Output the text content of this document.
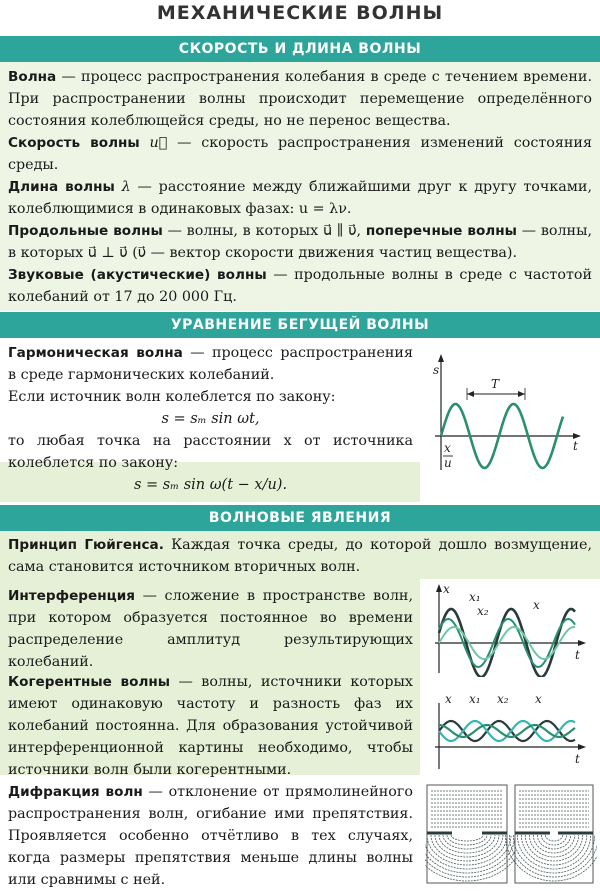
МЕХАНИЧЕСКИЕ ВОЛНЫ
СКОРОСТЬ И ДЛИНА ВОЛНЫ
Волна — процесс распространения колебания в среде с течением времени. При распространении волны происходит перемещение определённого состояния колеблющейся среды, но не перенос вещества.
Скорость волны u⃗ — скорость распространения изменений состояния среды.
Длина волны λ — расстояние между ближайшими друг к другу точками, колеблющимися в одинаковых фазах: u = λν.
Продольные волны — волны, в которых u⃗ ∥ υ⃗, поперечные волны — волны, в которых u⃗ ⊥ υ⃗ (υ⃗ — вектор скорости движения частиц вещества).
Звуковые (акустические) волны — продольные волны в среде с частотой колебаний от 17 до 20 000 Гц.
УРАВНЕНИЕ БЕГУЩЕЙ ВОЛНЫ
Гармоническая волна — процесс распространения в среде гармонических колебаний.
Если источник волн колеблется по закону:
s = sₘ sin ωt,
то любая точка на расстоянии x от источника колеблется по закону:
s = sₘ sin ω(t − x/u).
T
s
t
x
u
ВОЛНОВЫЕ ЯВЛЕНИЯ
Принцип Гюйгенса. Каждая точка среды, до которой дошло возмущение, сама становится источником вторичных волн.
Интерференция — сложение в пространстве волн, при котором образуется постоянное во времени распределение амплитуд результирующих колебаний.
Когерентные волны — волны, источники которых имеют одинаковую частоту и разность фаз их колебаний постоянна. Для образования устойчивой интерференционной картины необходимо, чтобы источники волн были когерентными.
x
x₁
x₂	x
t
x x₁ x₂ x
t
Дифракция волн — отклонение от прямолинейного распространения волн, огибание ими препятствия. Проявляется особенно отчётливо в тех случаях, когда размеры препятствия меньше длины волны или сравнимы с ней.
